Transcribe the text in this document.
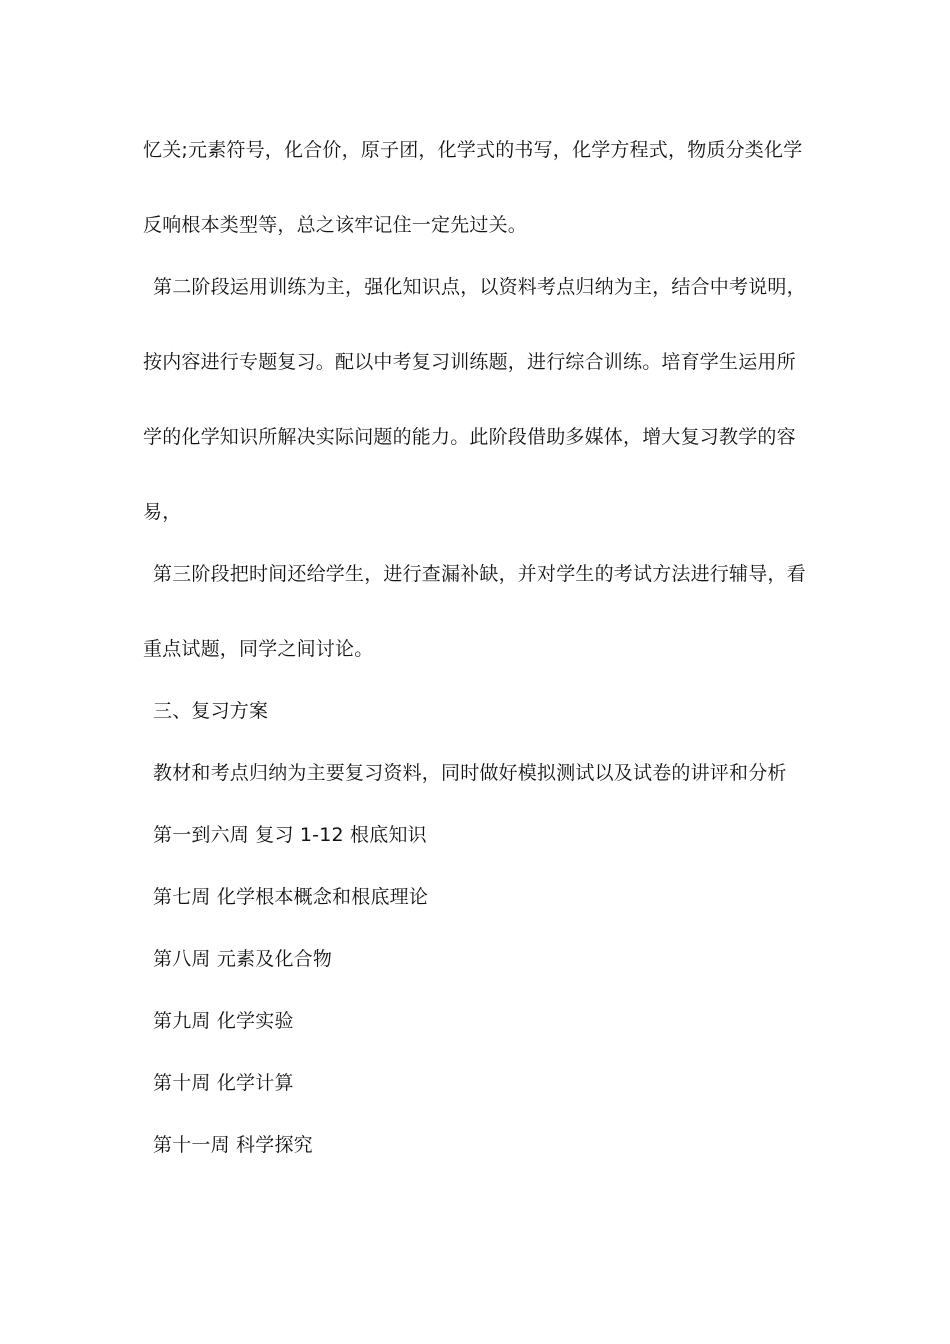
忆关;元素符号，化合价，原子团，化学式的书写，化学方程式，物质分类化学
反响根本类型等，总之该牢记住一定先过关。
第二阶段运用训练为主，强化知识点，以资料考点归纳为主，结合中考说明，
按内容进行专题复习。配以中考复习训练题，进行综合训练。培育学生运用所
学的化学知识所解决实际问题的能力。此阶段借助多媒体，增大复习教学的容
易，
第三阶段把时间还给学生，进行查漏补缺，并对学生的考试方法进行辅导，看
重点试题，同学之间讨论。
三、复习方案
教材和考点归纳为主要复习资料，同时做好模拟测试以及试卷的讲评和分析
第一到六周 复习 1-12 根底知识
第七周 化学根本概念和根底理论
第八周 元素及化合物
第九周 化学实验
第十周 化学计算
第十一周 科学探究
